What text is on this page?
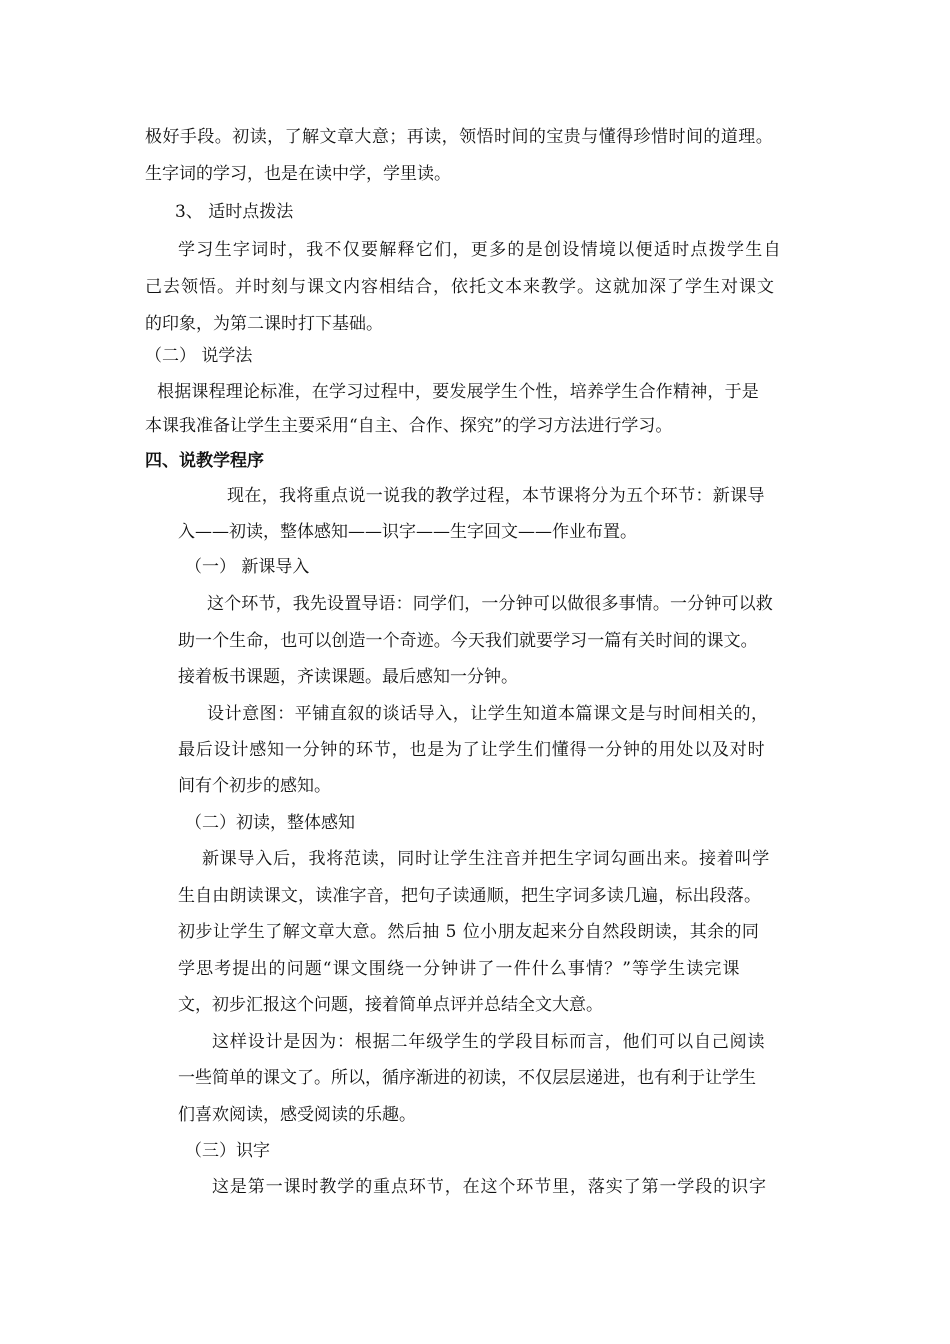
极好手段。初读，了解文章大意；再读，领悟时间的宝贵与懂得珍惜时间的道理。
生字词的学习，也是在读中学，学里读。
3、 适时点拨法
学习生字词时，我不仅要解释它们，更多的是创设情境以便适时点拨学生自
己去领悟。并时刻与课文内容相结合，依托文本来教学。这就加深了学生对课文
的印象，为第二课时打下基础。
（二） 说学法
根据课程理论标准，在学习过程中，要发展学生个性，培养学生合作精神，于是
本课我准备让学生主要采用“自主、合作、探究”的学习方法进行学习。
四、说教学程序
现在，我将重点说一说我的教学过程，本节课将分为五个环节：新课导
入——初读，整体感知——识字——生字回文——作业布置。
（一） 新课导入
这个环节，我先设置导语：同学们，一分钟可以做很多事情。一分钟可以救
助一个生命，也可以创造一个奇迹。今天我们就要学习一篇有关时间的课文。
接着板书课题，齐读课题。最后感知一分钟。
设计意图：平铺直叙的谈话导入，让学生知道本篇课文是与时间相关的，
最后设计感知一分钟的环节，也是为了让学生们懂得一分钟的用处以及对时
间有个初步的感知。
（二）初读，整体感知
新课导入后，我将范读，同时让学生注音并把生字词勾画出来。接着叫学
生自由朗读课文，读准字音，把句子读通顺，把生字词多读几遍，标出段落。
初步让学生了解文章大意。然后抽 5 位小朋友起来分自然段朗读，其余的同
学思考提出的问题“课文围绕一分钟讲了一件什么事情？”等学生读完课
文，初步汇报这个问题，接着简单点评并总结全文大意。
这样设计是因为：根据二年级学生的学段目标而言，他们可以自己阅读
一些简单的课文了。所以，循序渐进的初读，不仅层层递进，也有利于让学生
们喜欢阅读，感受阅读的乐趣。
（三）识字
这是第一课时教学的重点环节，在这个环节里，落实了第一学段的识字
